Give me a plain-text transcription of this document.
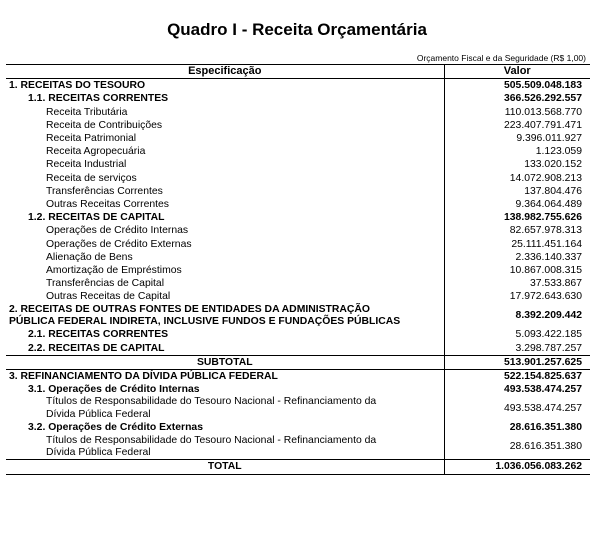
Quadro I - Receita Orçamentária
Orçamento Fiscal e da Seguridade (R$ 1,00)
Especificação	Valor
1. RECEITAS DO TESOURO	505.509.048.183
1.1. RECEITAS CORRENTES	366.526.292.557
Receita Tributária	110.013.568.770
Receita de Contribuições	223.407.791.471
Receita Patrimonial	9.396.011.927
Receita Agropecuária	1.123.059
Receita Industrial	133.020.152
Receita de serviços	14.072.908.213
Transferências Correntes	137.804.476
Outras Receitas Correntes	9.364.064.489
1.2. RECEITAS DE CAPITAL	138.982.755.626
Operações de Crédito Internas	82.657.978.313
Operações de Crédito Externas	25.111.451.164
Alienação de Bens	2.336.140.337
Amortização de Empréstimos	10.867.008.315
Transferências de Capital	37.533.867
Outras Receitas de Capital	17.972.643.630
2. RECEITAS DE OUTRAS FONTES DE ENTIDADES DA ADMINISTRAÇÃO
PÚBLICA FEDERAL INDIRETA, INCLUSIVE FUNDOS E FUNDAÇÕES PÚBLICAS	8.392.209.442
2.1. RECEITAS CORRENTES	5.093.422.185
2.2. RECEITAS DE CAPITAL	3.298.787.257
SUBTOTAL	513.901.257.625
3. REFINANCIAMENTO DA DÍVIDA PÚBLICA FEDERAL	522.154.825.637
3.1. Operações de Crédito Internas	493.538.474.257
Títulos de Responsabilidade do Tesouro Nacional - Refinanciamento da
Dívida Pública Federal	493.538.474.257
3.2. Operações de Crédito Externas	28.616.351.380
Títulos de Responsabilidade do Tesouro Nacional - Refinanciamento da
Dívida Pública Federal	28.616.351.380
TOTAL	1.036.056.083.262
